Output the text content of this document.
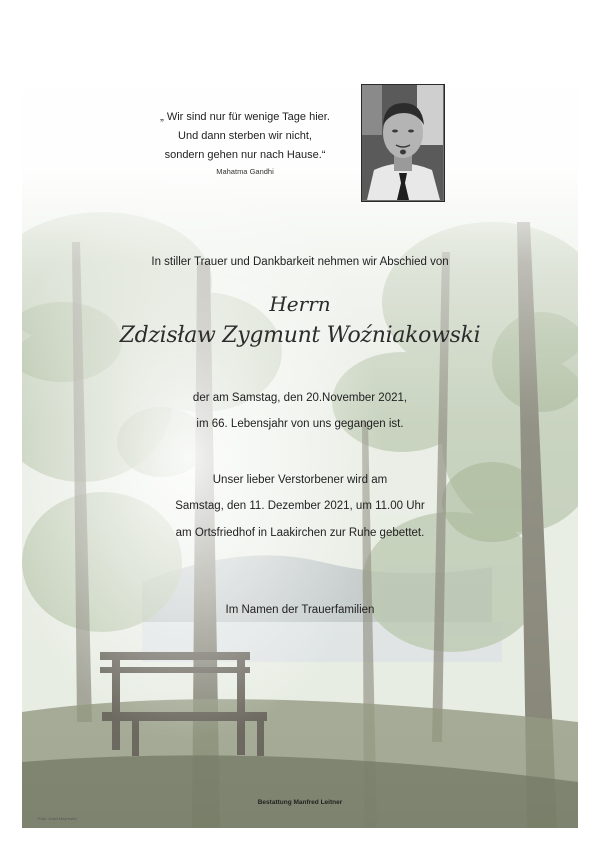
„ Wir sind nur für wenige Tage hier.
Und dann sterben wir nicht,
sondern gehen nur nach Hause.“
Mahatma Gandhi
In stiller Trauer und Dankbarkeit nehmen wir Abschied von
Herrn
Zdzisław Zygmunt Woźniakowski
der am Samstag, den 20.November 2021,
im 66. Lebensjahr von uns gegangen ist.
Unser lieber Verstorbener wird am
Samstag, den 11. Dezember 2021, um 11.00 Uhr
am Ortsfriedhof in Laakirchen zur Ruhe gebettet.
Im Namen der Trauerfamilien
Bestattung Manfred Leitner
Foto: Josef Mayrhofer
